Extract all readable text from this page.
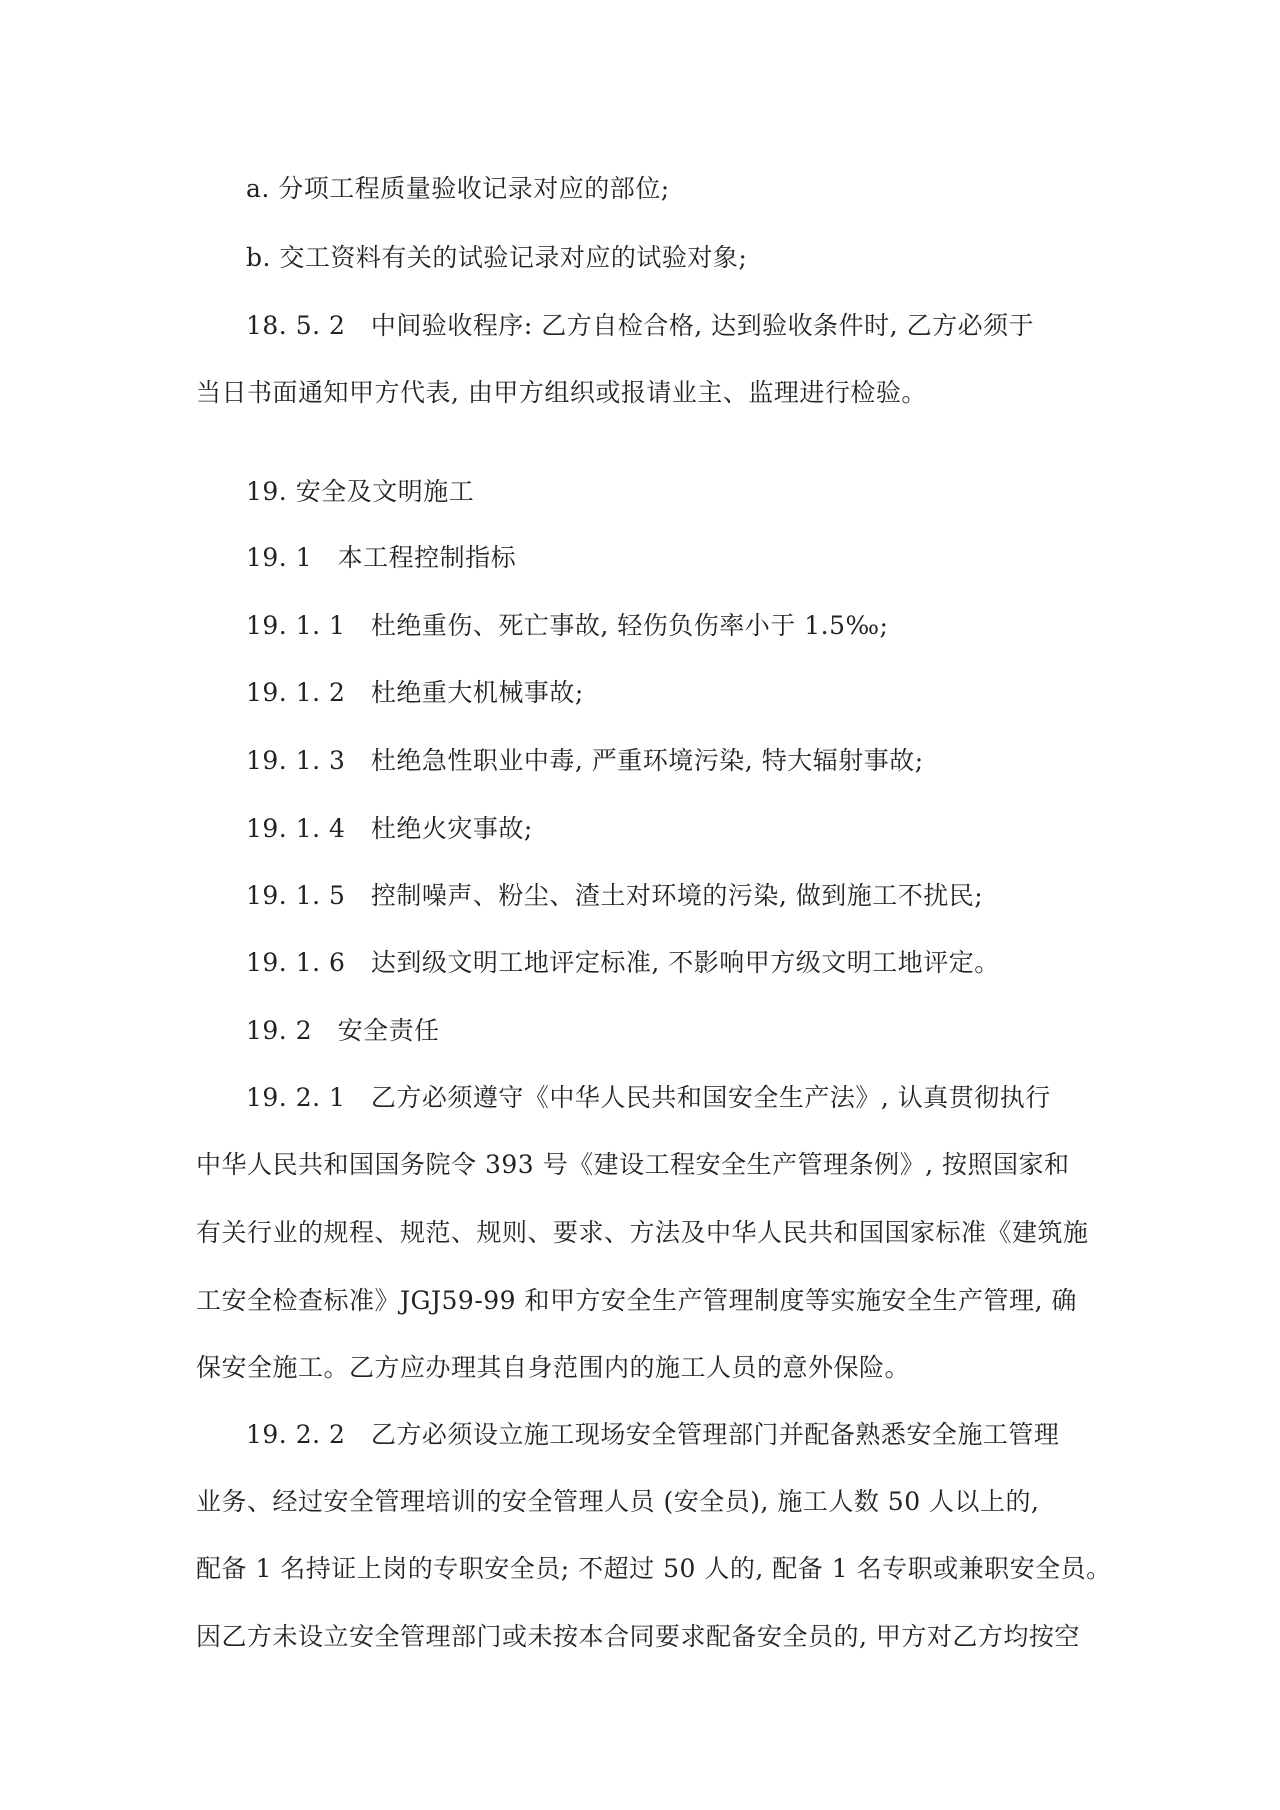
a. 分项工程质量验收记录对应的部位;
b. 交工资料有关的试验记录对应的试验对象;
18. 5. 2　中间验收程序: 乙方自检合格, 达到验收条件时, 乙方必须于
当日书面通知甲方代表, 由甲方组织或报请业主、监理进行检验。
19. 安全及文明施工
19. 1　本工程控制指标
19. 1. 1　杜绝重伤、死亡事故, 轻伤负伤率小于 1.5‰;
19. 1. 2　杜绝重大机械事故;
19. 1. 3　杜绝急性职业中毒, 严重环境污染, 特大辐射事故;
19. 1. 4　杜绝火灾事故;
19. 1. 5　控制噪声、粉尘、渣土对环境的污染, 做到施工不扰民;
19. 1. 6　达到级文明工地评定标准, 不影响甲方级文明工地评定。
19. 2　安全责任
19. 2. 1　乙方必须遵守《中华人民共和国安全生产法》, 认真贯彻执行
中华人民共和国国务院令 393 号《建设工程安全生产管理条例》, 按照国家和
有关行业的规程、规范、规则、要求、方法及中华人民共和国国家标准《建筑施
工安全检查标准》JGJ59-99 和甲方安全生产管理制度等实施安全生产管理, 确
保安全施工。乙方应办理其自身范围内的施工人员的意外保险。
19. 2. 2　乙方必须设立施工现场安全管理部门并配备熟悉安全施工管理
业务、经过安全管理培训的安全管理人员 (安全员), 施工人数 50 人以上的,
配备 1 名持证上岗的专职安全员; 不超过 50 人的, 配备 1 名专职或兼职安全员。
因乙方未设立安全管理部门或未按本合同要求配备安全员的, 甲方对乙方均按空
